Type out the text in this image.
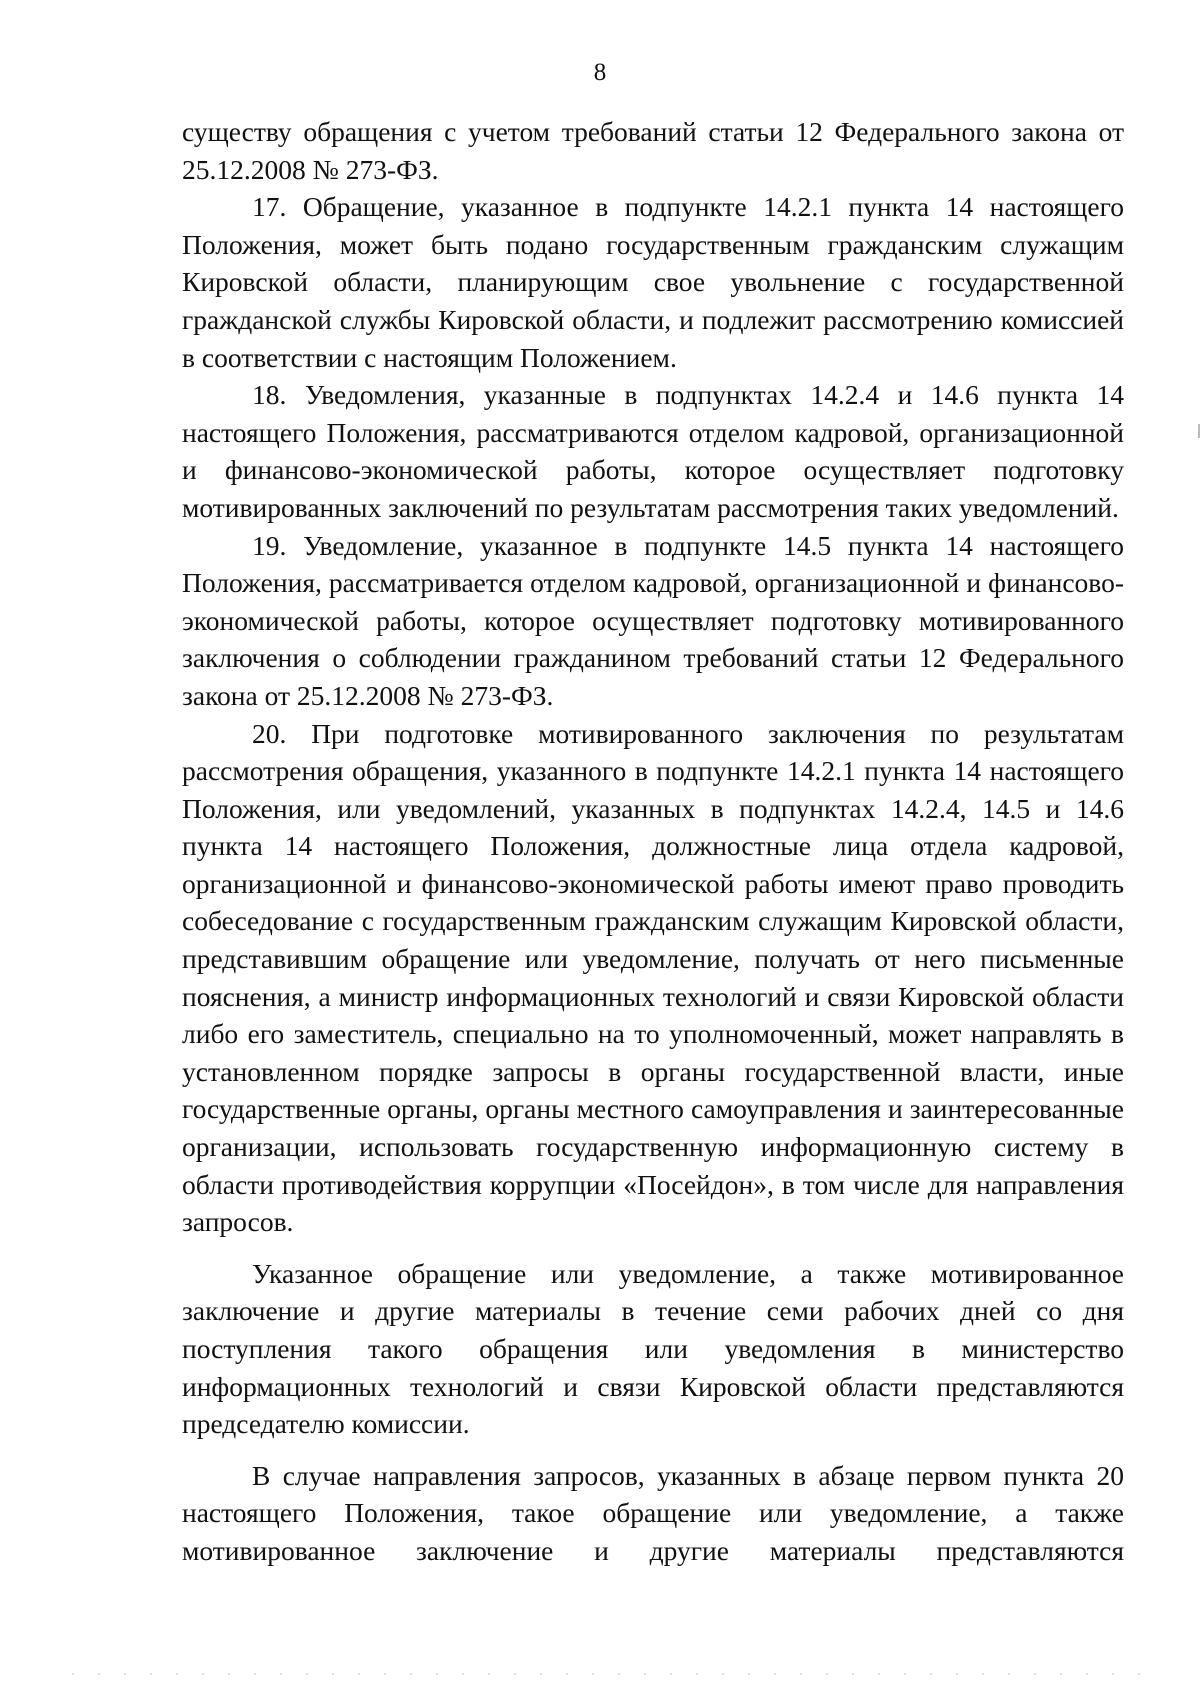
8

существу обращения с учетом требований статьи 12 Федерального закона от 25.12.2008 № 273-ФЗ.

17. Обращение, указанное в подпункте 14.2.1 пункта 14 настоящего Положения, может быть подано государственным гражданским служащим Кировской области, планирующим свое увольнение с государственной гражданской службы Кировской области, и подлежит рассмотрению комиссией в соответствии с настоящим Положением.

18. Уведомления, указанные в подпунктах 14.2.4 и 14.6 пункта 14 настоящего Положения, рассматриваются отделом кадровой, организационной и финансово-экономической работы, которое осуществляет подготовку мотивированных заключений по результатам рассмотрения таких уведомлений.

19. Уведомление, указанное в подпункте 14.5 пункта 14 настоящего Положения, рассматривается отделом кадровой, организационной и финансово-экономической работы, которое осуществляет подготовку мотивированного заключения о соблюдении гражданином требований статьи 12 Федерального закона от 25.12.2008 № 273-ФЗ.

20. При подготовке мотивированного заключения по результатам рассмотрения обращения, указанного в подпункте 14.2.1 пункта 14 настоящего Положения, или уведомлений, указанных в подпунктах 14.2.4, 14.5 и 14.6 пункта 14 настоящего Положения, должностные лица отдела кадровой, организационной и финансово-экономической работы имеют право проводить собеседование с государственным гражданским служащим Кировской области, представившим обращение или уведомление, получать от него письменные пояснения, а министр информационных технологий и связи Кировской области либо его заместитель, специально на то уполномоченный, может направлять в установленном порядке запросы в органы государственной власти, иные государственные органы, органы местного самоуправления и заинтересованные организации, использовать государственную информационную систему в области противодействия коррупции «Посейдон», в том числе для направления запросов.

Указанное обращение или уведомление, а также мотивированное заключение и другие материалы в течение семи рабочих дней со дня поступления такого обращения или уведомления в министерство информационных технологий и связи Кировской области представляются председателю комиссии.

В случае направления запросов, указанных в абзаце первом пункта 20 настоящего Положения, такое обращение или уведомление, а также мотивированное заключение и другие материалы представляются
